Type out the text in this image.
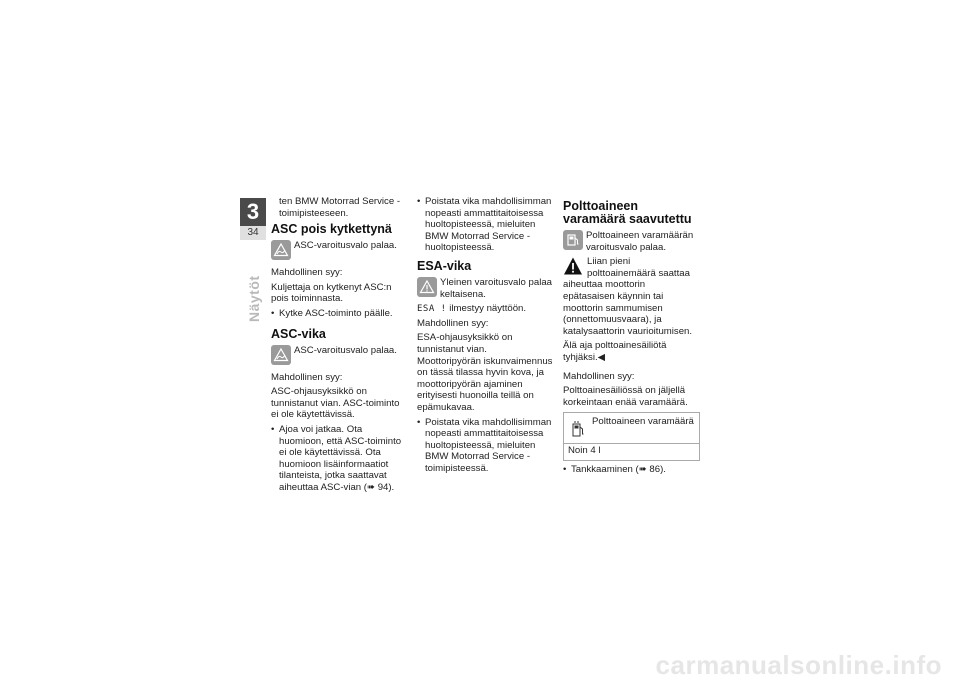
3
34
Näytöt
ten BMW Motorrad Service -
toimipisteeseen.
ASC pois kytkettynä
ASC-varoitusvalo palaa.
Mahdollinen syy:
Kuljettaja on kytkenyt ASC:n pois toiminnasta.
• Kytke ASC-toiminto päälle.
ASC-vika
ASC-varoitusvalo palaa.
Mahdollinen syy:
ASC-ohjausyksikkö on tunnistanut vian. ASC-toiminto ei ole käytettävissä.
• Ajoa voi jatkaa. Ota huomioon, että ASC-toiminto ei ole käytettävissä. Ota huomioon lisäinformaatiot tilanteista, jotka saattavat aiheuttaa ASC-vian (➠ 94).
• Poistata vika mahdollisimman nopeasti ammattitaitoisessa huoltopisteessä, mieluiten BMW Motorrad Service -huoltopisteessä.
ESA-vika
Yleinen varoitusvalo palaa keltaisena.
ESA ! ilmestyy näyttöön.
Mahdollinen syy:
ESA-ohjausyksikkö on tunnistanut vian. Moottoripyörän iskunvaimennus on tässä tilassa hyvin kova, ja moottoripyörän ajaminen erityisesti huonoilla teillä on epämukavaa.
• Poistata vika mahdollisimman nopeasti ammattitaitoisessa huoltopisteessä, mieluiten BMW Motorrad Service -toimipisteessä.
Polttoaineen varamäärä saavutettu
Polttoaineen varamäärän varoitusvalo palaa.
Liian pieni polttoainemäärä saattaa aiheuttaa moottorin epätasaisen käynnin tai moottorin sammumisen (onnettomuusvaara), ja katalysaattorin vaurioitumisen.
Älä aja polttoainesäiliötä tyhjäksi.◀
Mahdollinen syy:
Polttoainesäiliössä on jäljellä korkeintaan enää varamäärä.
Polttoaineen varamäärä
Noin 4 l
• Tankkaaminen (➠ 86).
carmanualsonline.info
